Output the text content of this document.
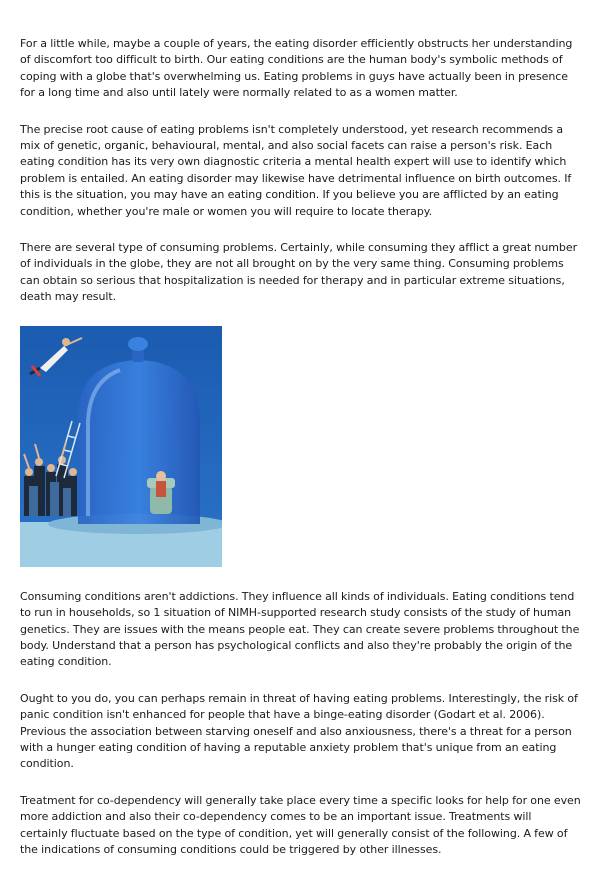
For a little while, maybe a couple of years, the eating disorder efficiently obstructs her understanding of discomfort too difficult to birth. Our eating conditions are the human body's symbolic methods of coping with a globe that's overwhelming us. Eating problems in guys have actually been in presence for a long time and also until lately were normally related to as a women matter.

The precise root cause of eating problems isn't completely understood, yet research recommends a mix of genetic, organic, behavioural, mental, and also social facets can raise a person's risk. Each eating condition has its very own diagnostic criteria a mental health expert will use to identify which problem is entailed. An eating disorder may likewise have detrimental influence on birth outcomes. If this is the situation, you may have an eating condition. If you believe you are afflicted by an eating condition, whether you're male or women you will require to locate therapy.

There are several type of consuming problems. Certainly, while consuming they afflict a great number of individuals in the globe, they are not all brought on by the very same thing. Consuming problems can obtain so serious that hospitalization is needed for therapy and in particular extreme situations, death may result.

Consuming conditions aren't addictions. They influence all kinds of individuals. Eating conditions tend to run in households, so 1 situation of NIMH-supported research study consists of the study of human genetics. They are issues with the means people eat. They can create severe problems throughout the body. Understand that a person has psychological conflicts and also they're probably the origin of the eating condition.

Ought to you do, you can perhaps remain in threat of having eating problems. Interestingly, the risk of panic condition isn't enhanced for people that have a binge-eating disorder (Godart et al. 2006). Previous the association between starving oneself and also anxiousness, there's a threat for a person with a hunger eating condition of having a reputable anxiety problem that's unique from an eating condition.

Treatment for co-dependency will generally take place every time a specific looks for help for one even more addiction and also their co-dependency comes to be an important issue. Treatments will certainly fluctuate based on the type of condition, yet will generally consist of the following. A few of the indications of consuming conditions could be triggered by other illnesses.
